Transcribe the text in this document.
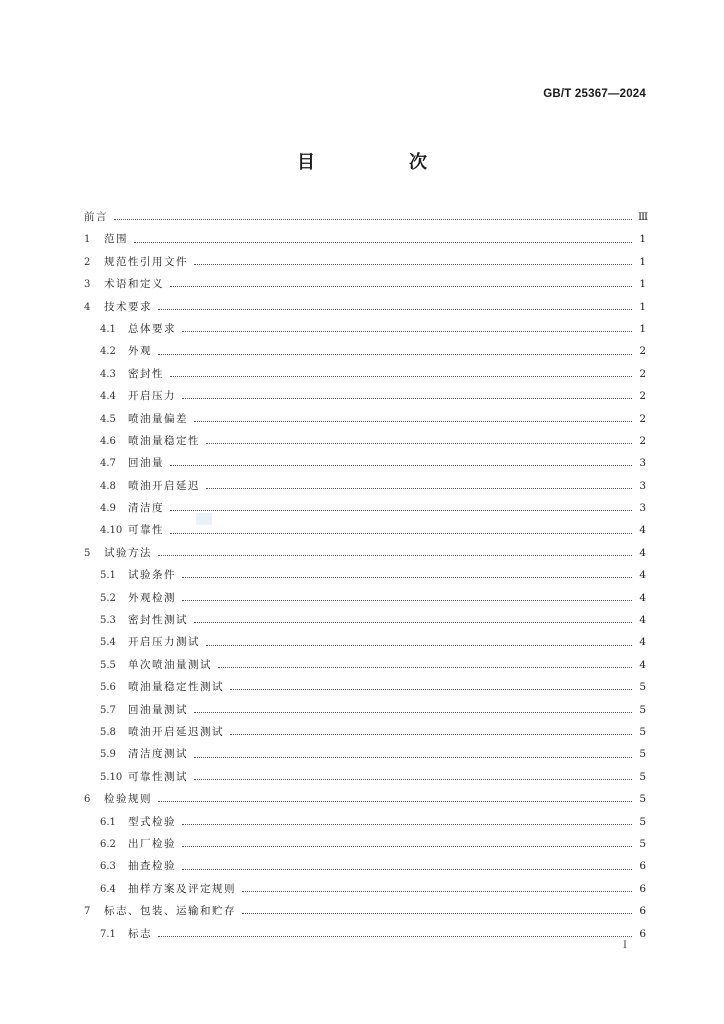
GB/T 25367—2024
目　次
前言	Ⅲ
1	范围	1
2	规范性引用文件	1
3	术语和定义	1
4	技术要求	1
4.1	总体要求	1
4.2	外观	2
4.3	密封性	2
4.4	开启压力	2
4.5	喷油量偏差	2
4.6	喷油量稳定性	2
4.7	回油量	3
4.8	喷油开启延迟	3
4.9	清洁度	3
4.10 可靠性	4
5	试验方法	4
5.1	试验条件	4
5.2	外观检测	4
5.3	密封性测试	4
5.4	开启压力测试	4
5.5	单次喷油量测试	4
5.6	喷油量稳定性测试	5
5.7	回油量测试	5
5.8	喷油开启延迟测试	5
5.9	清洁度测试	5
5.10 可靠性测试	5
6	检验规则	5
6.1	型式检验	5
6.2	出厂检验	5
6.3	抽查检验	6
6.4	抽样方案及评定规则	6
7	标志、包装、运输和贮存	6
7.1	标志	6
I
